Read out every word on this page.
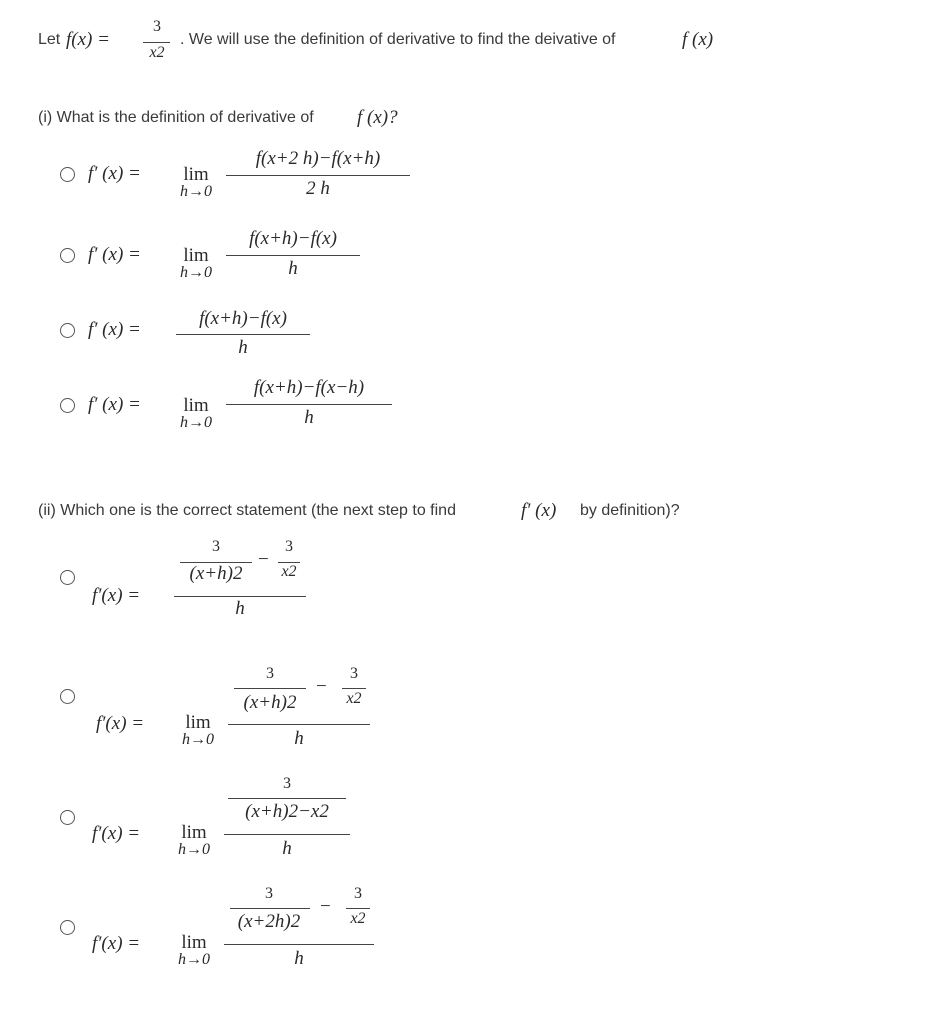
Let f(x) =
3
x2
. We will use the definition of derivative to find the deivative of	f (x)
(i) What is the definition of derivative of f (x)?
f′ (x) =	lim
h→0
f(x+2 h)−f(x+h)
2 h
f′ (x) =	lim
h→0
f(x+h)−f(x)
h
f′ (x) =
f(x+h)−f(x)
h
f′ (x) =	lim
h→0
f(x+h)−f(x−h)
h
(ii) Which one is the correct statement (the next step to find	f′ (x) by definition)?
f′(x) =
3
(x+h)2
−
3
x2
h
f′(x) =	lim
h→0
3
(x+h)2
−
3
x2
h
f′(x) =	lim
h→0
3
(x+h)2−x2
h
f′(x) =	lim
h→0
3
(x+2h)2
−
3
x2
h
